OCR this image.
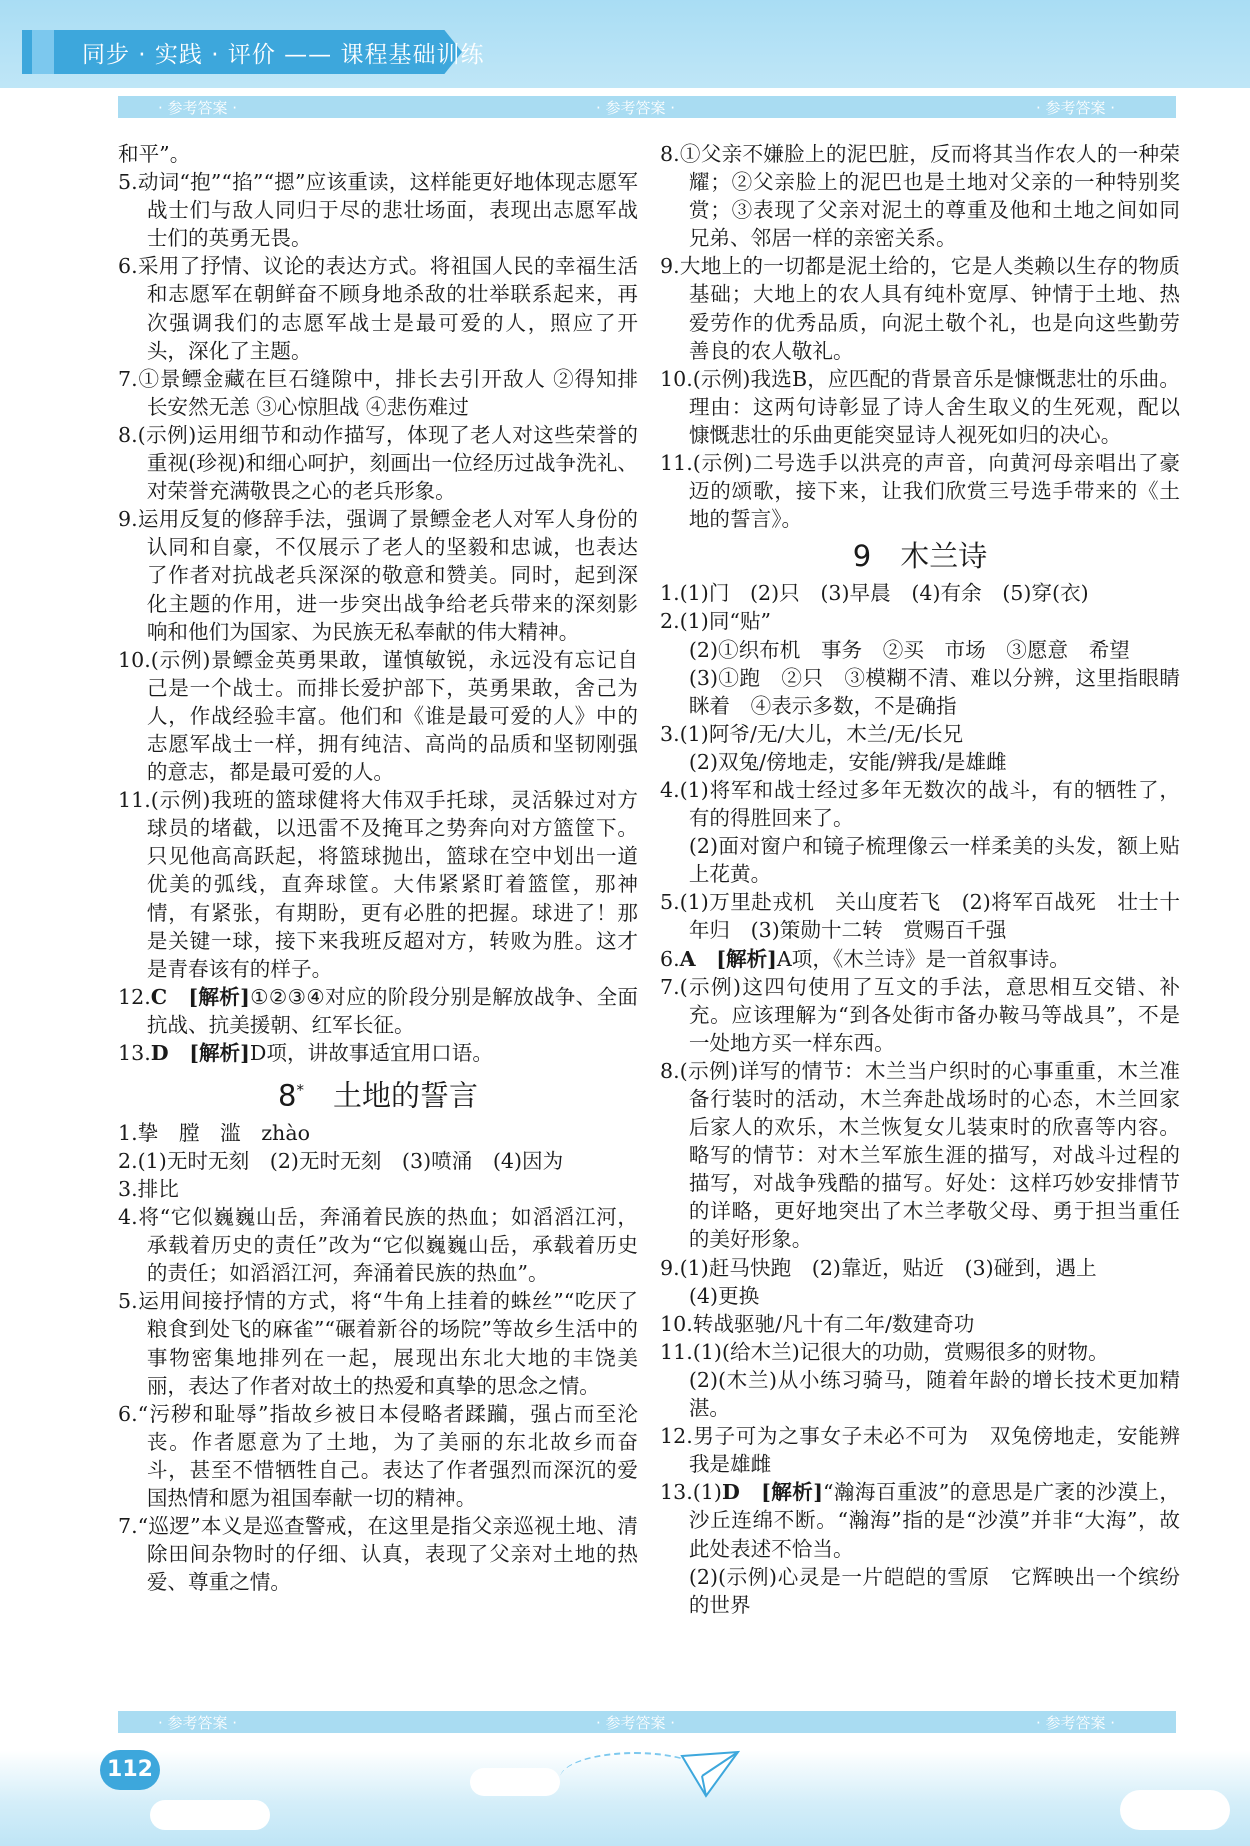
同步 · 实践 · 评价 —— 课程基础训练
· 参考答案 ·	· 参考答案 ·	· 参考答案 ·
和平”。
5.动词“抱”“掐”“摁”应该重读，这样能更好地体现志愿军战士们与敌人同归于尽的悲壮场面，表现出志愿军战士们的英勇无畏。
6.采用了抒情、议论的表达方式。将祖国人民的幸福生活和志愿军在朝鲜奋不顾身地杀敌的壮举联系起来，再次强调我们的志愿军战士是最可爱的人，照应了开头，深化了主题。
7.①景鳔金藏在巨石缝隙中，排长去引开敌人 ②得知排长安然无恙 ③心惊胆战 ④悲伤难过
8.(示例)运用细节和动作描写，体现了老人对这些荣誉的重视(珍视)和细心呵护，刻画出一位经历过战争洗礼、对荣誉充满敬畏之心的老兵形象。
9.运用反复的修辞手法，强调了景鳔金老人对军人身份的认同和自豪，不仅展示了老人的坚毅和忠诚，也表达了作者对抗战老兵深深的敬意和赞美。同时，起到深化主题的作用，进一步突出战争给老兵带来的深刻影响和他们为国家、为民族无私奉献的伟大精神。
10.(示例)景鳔金英勇果敢，谨慎敏锐，永远没有忘记自己是一个战士。而排长爱护部下，英勇果敢，舍己为人，作战经验丰富。他们和《谁是最可爱的人》中的志愿军战士一样，拥有纯洁、高尚的品质和坚韧刚强的意志，都是最可爱的人。
11.(示例)我班的篮球健将大伟双手托球，灵活躲过对方球员的堵截，以迅雷不及掩耳之势奔向对方篮筐下。只见他高高跃起，将篮球抛出，篮球在空中划出一道优美的弧线，直奔球筐。大伟紧紧盯着篮筐，那神情，有紧张，有期盼，更有必胜的把握。球进了！那是关键一球，接下来我班反超对方，转败为胜。这才是青春该有的样子。
12.C　 [解析]①②③④对应的阶段分别是解放战争、全面抗战、抗美援朝、红军长征。
13.D　 [解析]D项，讲故事适宜用口语。
8*　 土地的誓言
1.挚　膛　滥　zhào
2.(1)无时无刻　(2)无时无刻　(3)喷涌　(4)因为
3.排比
4.将“它似巍巍山岳，奔涌着民族的热血；如滔滔江河，承载着历史的责任”改为“它似巍巍山岳，承载着历史的责任；如滔滔江河，奔涌着民族的热血”。
5.运用间接抒情的方式，将“牛角上挂着的蛛丝”“吃厌了粮食到处飞的麻雀”“碾着新谷的场院”等故乡生活中的事物密集地排列在一起，展现出东北大地的丰饶美丽，表达了作者对故土的热爱和真挚的思念之情。
6.“污秽和耻辱”指故乡被日本侵略者蹂躏，强占而至沦丧。作者愿意为了土地，为了美丽的东北故乡而奋斗，甚至不惜牺牲自己。表达了作者强烈而深沉的爱国热情和愿为祖国奉献一切的精神。
7.“巡逻”本义是巡查警戒，在这里是指父亲巡视土地、清除田间杂物时的仔细、认真，表现了父亲对土地的热爱、尊重之情。
8.①父亲不嫌脸上的泥巴脏，反而将其当作农人的一种荣耀；②父亲脸上的泥巴也是土地对父亲的一种特别奖赏；③表现了父亲对泥土的尊重及他和土地之间如同兄弟、邻居一样的亲密关系。
9.大地上的一切都是泥土给的，它是人类赖以生存的物质基础；大地上的农人具有纯朴宽厚、钟情于土地、热爱劳作的优秀品质，向泥土敬个礼，也是向这些勤劳善良的农人敬礼。
10.(示例)我选B，应匹配的背景音乐是慷慨悲壮的乐曲。理由：这两句诗彰显了诗人舍生取义的生死观，配以慷慨悲壮的乐曲更能突显诗人视死如归的决心。
11.(示例)二号选手以洪亮的声音，向黄河母亲唱出了豪迈的颂歌，接下来，让我们欣赏三号选手带来的《土地的誓言》。
9　木兰诗
1.(1)门　(2)只　(3)早晨　(4)有余　(5)穿(衣)
2.(1)同“贴”
(2)①织布机　事务　②买　市场　③愿意　希望
(3)①跑　②只　③模糊不清、难以分辨，这里指眼睛眯着　④表示多数，不是确指
3.(1)阿爷/无/大儿，木兰/无/长兄
(2)双兔/傍地走，安能/辨我/是雄雌
4.(1)将军和战士经过多年无数次的战斗，有的牺牲了，有的得胜回来了。
(2)面对窗户和镜子梳理像云一样柔美的头发，额上贴上花黄。
5.(1)万里赴戎机　关山度若飞　(2)将军百战死　壮士十年归　(3)策勋十二转　赏赐百千强
6.A　 [解析]A项，《木兰诗》是一首叙事诗。
7.(示例)这四句使用了互文的手法，意思相互交错、补充。应该理解为“到各处街市备办鞍马等战具”，不是一处地方买一样东西。
8.(示例)详写的情节：木兰当户织时的心事重重，木兰准备行装时的活动，木兰奔赴战场时的心态，木兰回家后家人的欢乐，木兰恢复女儿装束时的欣喜等内容。略写的情节：对木兰军旅生涯的描写，对战斗过程的描写，对战争残酷的描写。好处：这样巧妙安排情节的详略，更好地突出了木兰孝敬父母、勇于担当重任的美好形象。
9.(1)赶马快跑　(2)靠近，贴近　(3)碰到，遇上
(4)更换
10.转战驱驰/凡十有二年/数建奇功
11.(1)(给木兰)记很大的功勋，赏赐很多的财物。
(2)(木兰)从小练习骑马，随着年龄的增长技术更加精湛。
12.男子可为之事女子未必不可为　双兔傍地走，安能辨我是雄雌
13.(1)D　 [解析]“瀚海百重波”的意思是广袤的沙漠上，沙丘连绵不断。“瀚海”指的是“沙漠”并非“大海”，故此处表述不恰当。
(2)(示例)心灵是一片皑皑的雪原　它辉映出一个缤纷的世界
· 参考答案 ·	· 参考答案 ·	· 参考答案 ·
112
